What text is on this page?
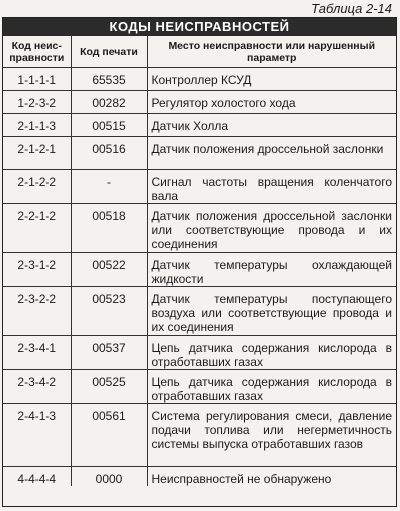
Таблица 2-14
КОДЫ НЕИСПРАВНОСТЕЙ
Код неис-правности	Код печати	Место неисправности или нарушенный параметр
1-1-1-1	65535	Контроллер КСУД
1-2-3-2	00282	Регулятор холостого хода
2-1-1-3	00515	Датчик Холла
2-1-2-1	00516	Датчик положения дроссельной заслонки
2-1-2-2	-	Сигнал частоты вращения коленчатого вала
2-2-1-2	00518	Датчик положения дроссельной заслонки или соответствующие провода и их соединения
2-3-1-2	00522	Датчик температуры охлаждающей жидкости
2-3-2-2	00523	Датчик температуры поступающего воздуха или соответствующие провода и их соединения
2-3-4-1	00537	Цепь датчика содержания кислорода в отработавших газах
2-3-4-2	00525	Цепь датчика содержания кислорода в отработавших газах
2-4-1-3	00561	Система регулирования смеси, давление подачи топлива или негерметичность системы выпуска отработавших газов
4-4-4-4	0000	Неисправностей не обнаружено
